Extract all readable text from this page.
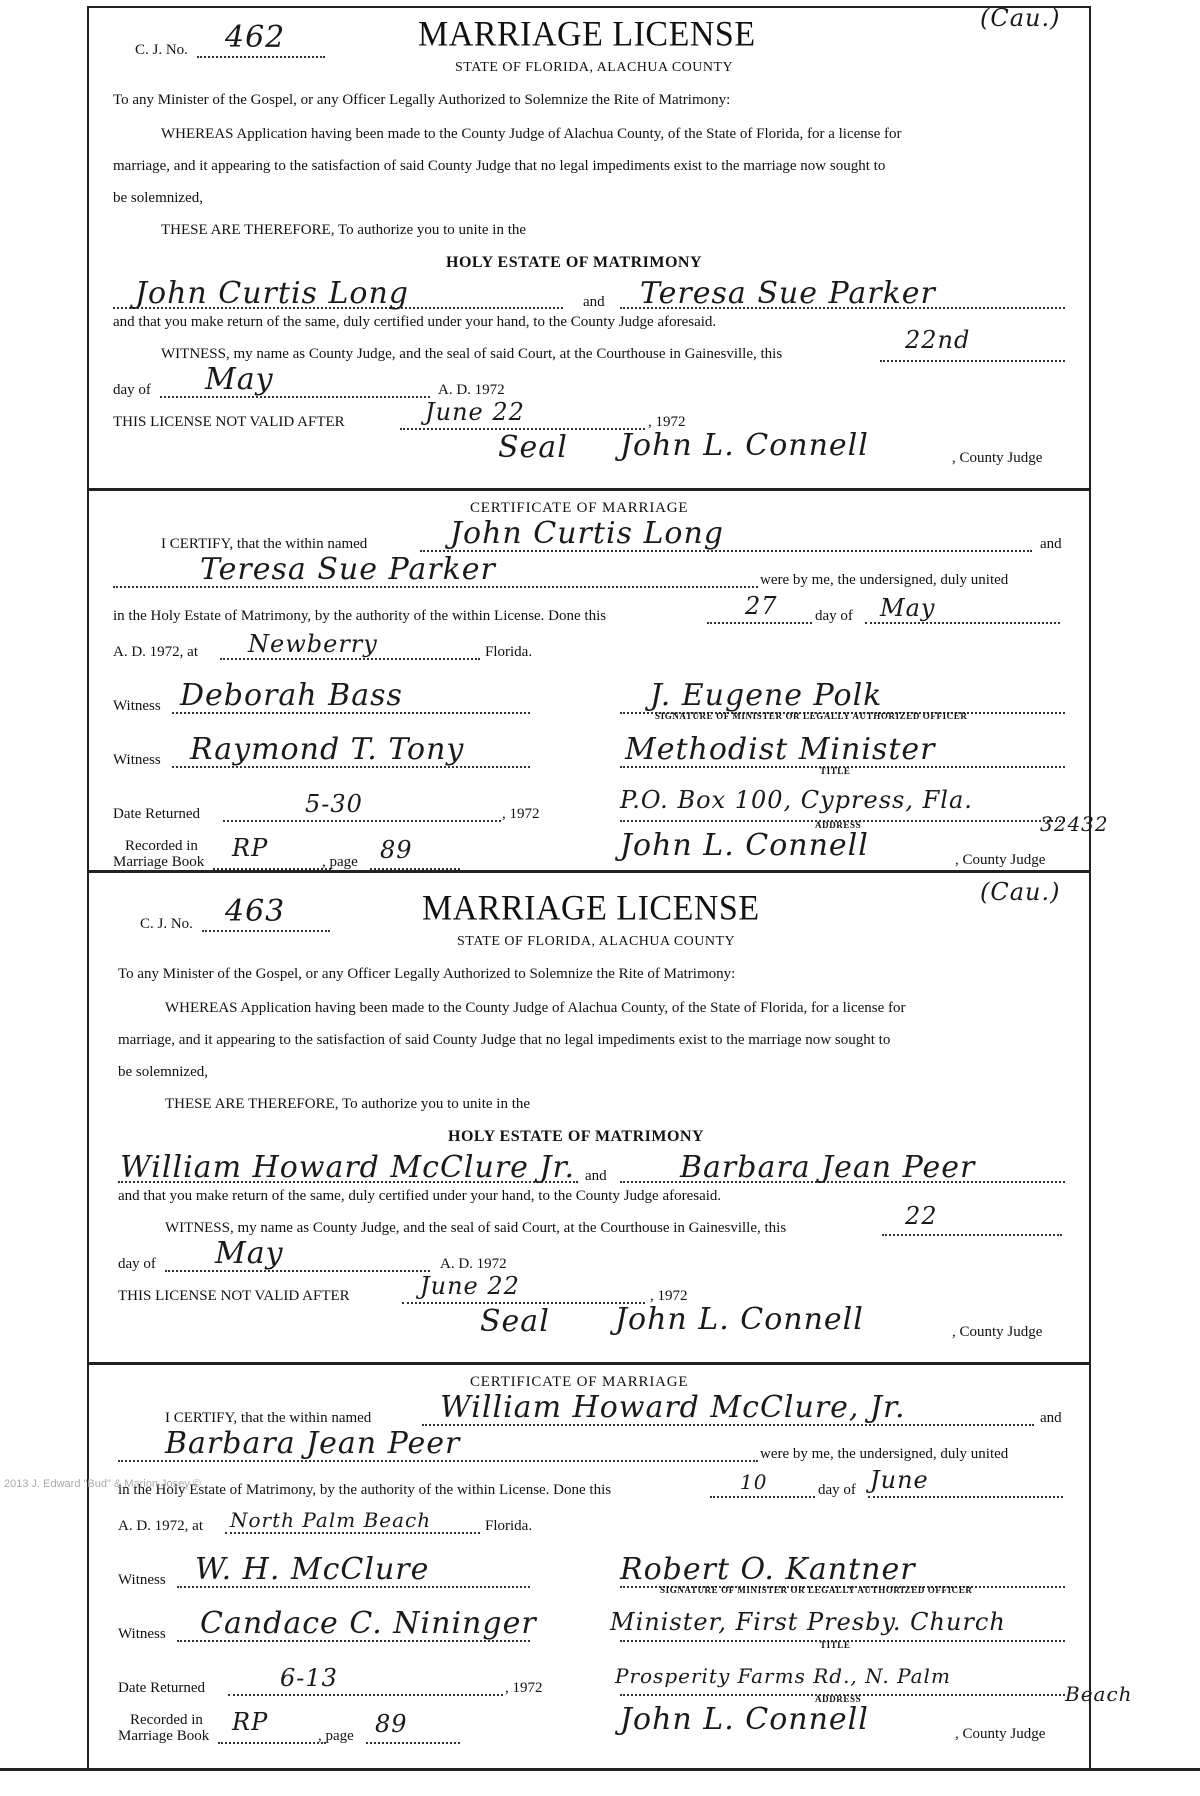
C. J. No. 462
(Cau.)
MARRIAGE LICENSE
STATE OF FLORIDA, ALACHUA COUNTY
To any Minister of the Gospel, or any Officer Legally Authorized to Solemnize the Rite of Matrimony:
WHEREAS Application having been made to the County Judge of Alachua County, of the State of Florida, for a license for
marriage, and it appearing to the satisfaction of said County Judge that no legal impediments exist to the marriage now sought to
be solemnized,
THESE ARE THEREFORE, To authorize you to unite in the
HOLY ESTATE OF MATRIMONY
John Curtis Long	and Teresa Sue Parker
and that you make return of the same, duly certified under your hand, to the County Judge aforesaid.
WITNESS, my name as County Judge, and the seal of said Court, at the Courthouse in Gainesville, this	22nd
day of May	A. D. 1972
THIS LICENSE NOT VALID AFTER	June 22	, 1972
Seal John L. Connell	, County Judge
CERTIFICATE OF MARRIAGE
I CERTIFY, that the within named	John Curtis Long	and
Teresa Sue Parker	were by me, the undersigned, duly united
in the Holy Estate of Matrimony, by the authority of the within License. Done this	27 day of May
A. D. 1972, at Newberry	Florida.
Witness Deborah Bass	J. Eugene Polk
SIGNATURE OF MINISTER OR LEGALLY AUTHORIZED OFFICER
Witness Raymond T. Tony	Methodist Minister
TITLE
Date Returned	5-30	, 1972	P.O. Box 100, Cypress, Fla.
32432
ADDRESS
Recorded in
Marriage Book RP	, page 89	John L. Connell	, County Judge
C. J. No. 463
(Cau.)
MARRIAGE LICENSE
STATE OF FLORIDA, ALACHUA COUNTY
To any Minister of the Gospel, or any Officer Legally Authorized to Solemnize the Rite of Matrimony:
WHEREAS Application having been made to the County Judge of Alachua County, of the State of Florida, for a license for
marriage, and it appearing to the satisfaction of said County Judge that no legal impediments exist to the marriage now sought to
be solemnized,
THESE ARE THEREFORE, To authorize you to unite in the
HOLY ESTATE OF MATRIMONY
William Howard McClure Jr. and Barbara Jean Peer
and that you make return of the same, duly certified under your hand, to the County Judge aforesaid.
WITNESS, my name as County Judge, and the seal of said Court, at the Courthouse in Gainesville, this	22
day of May	A. D. 1972
THIS LICENSE NOT VALID AFTER	June 22	, 1972
Seal John L. Connell	, County Judge
CERTIFICATE OF MARRIAGE
I CERTIFY, that the within named William Howard McClure, Jr.	and
Barbara Jean Peer	were by me, the undersigned, duly united
in the Holy Estate of Matrimony, by the authority of the within License. Done this	10	day of June
A. D. 1972, at North Palm Beach	Florida.
Witness W. H. McClure	Robert O. Kantner
SIGNATURE OF MINISTER OR LEGALLY AUTHORIZED OFFICER
Witness Candace C. Nininger	Minister, First Presby. Church
TITLE
Date Returned	6-13	, 1972	Prosperity Farms Rd., N. Palm
Beach
ADDRESS
Recorded in
Marriage Book RP	, page 89	John L. Connell	, County Judge
2013 J. Edward "Bud" & Marion Josey ©
